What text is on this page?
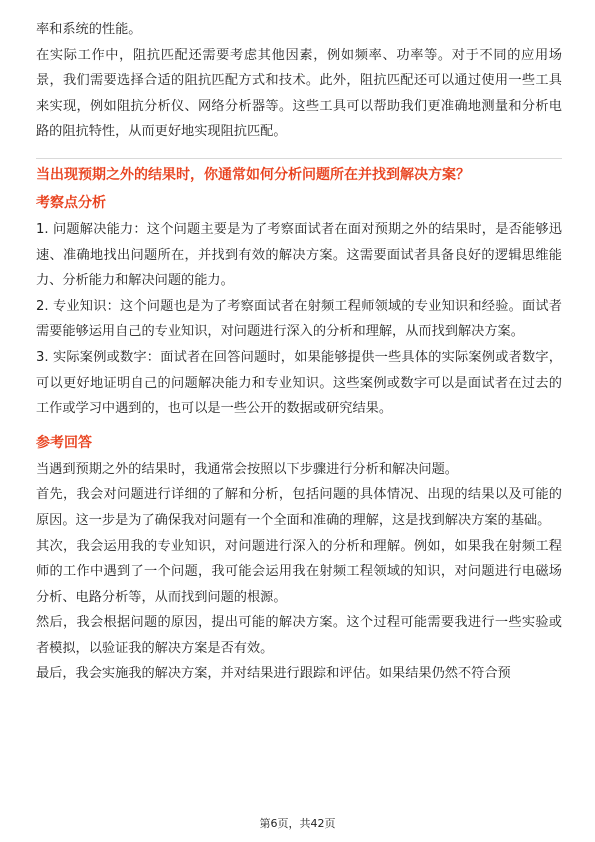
率和系统的性能。

在实际工作中，阻抗匹配还需要考虑其他因素，例如频率、功率等。对于不同的应用场景，我们需要选择合适的阻抗匹配方式和技术。此外，阻抗匹配还可以通过使用一些工具来实现，例如阻抗分析仪、网络分析器等。这些工具可以帮助我们更准确地测量和分析电路的阻抗特性，从而更好地实现阻抗匹配。

当出现预期之外的结果时，你通常如何分析问题所在并找到解决方案？
考察点分析

1. 问题解决能力：这个问题主要是为了考察面试者在面对预期之外的结果时，是否能够迅速、准确地找出问题所在，并找到有效的解决方案。这需要面试者具备良好的逻辑思维能力、分析能力和解决问题的能力。

2. 专业知识：这个问题也是为了考察面试者在射频工程师领域的专业知识和经验。面试者需要能够运用自己的专业知识，对问题进行深入的分析和理解，从而找到解决方案。

3. 实际案例或数字：面试者在回答问题时，如果能够提供一些具体的实际案例或者数字，可以更好地证明自己的问题解决能力和专业知识。这些案例或数字可以是面试者在过去的工作或学习中遇到的，也可以是一些公开的数据或研究结果。

参考回答

当遇到预期之外的结果时，我通常会按照以下步骤进行分析和解决问题。

首先，我会对问题进行详细的了解和分析，包括问题的具体情况、出现的结果以及可能的原因。这一步是为了确保我对问题有一个全面和准确的理解，这是找到解决方案的基础。

其次，我会运用我的专业知识，对问题进行深入的分析和理解。例如，如果我在射频工程师的工作中遇到了一个问题，我可能会运用我在射频工程领域的知识，对问题进行电磁场分析、电路分析等，从而找到问题的根源。

然后，我会根据问题的原因，提出可能的解决方案。这个过程可能需要我进行一些实验或者模拟，以验证我的解决方案是否有效。

最后，我会实施我的解决方案，并对结果进行跟踪和评估。如果结果仍然不符合预

第6页，共42页
